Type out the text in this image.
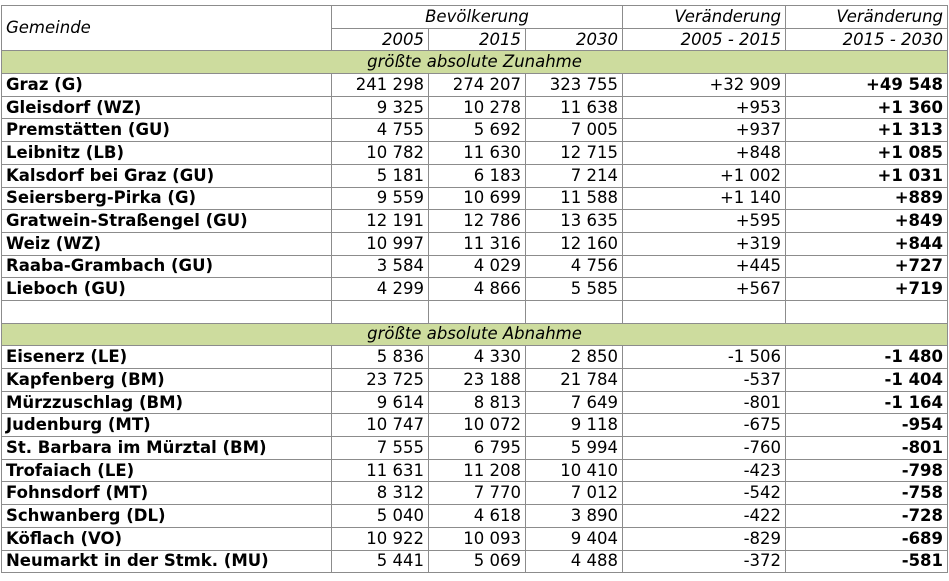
Gemeinde	Bevölkerung			Veränderung	Veränderung
	2005	2015	2030	2005 - 2015	2015 - 2030
größte absolute Zunahme					
Graz (G)	241 298	274 207	323 755	+32 909	+49 548
Gleisdorf (WZ)	9 325	10 278	11 638	+953	+1 360
Premstätten (GU)	4 755	5 692	7 005	+937	+1 313
Leibnitz (LB)	10 782	11 630	12 715	+848	+1 085
Kalsdorf bei Graz (GU)	5 181	6 183	7 214	+1 002	+1 031
Seiersberg-Pirka (G)	9 559	10 699	11 588	+1 140	+889
Gratwein-Straßengel (GU)	12 191	12 786	13 635	+595	+849
Weiz (WZ)	10 997	11 316	12 160	+319	+844
Raaba-Grambach (GU)	3 584	4 029	4 756	+445	+727
Lieboch (GU)	4 299	4 866	5 585	+567	+719

größte absolute Abnahme					
Eisenerz (LE)	5 836	4 330	2 850	-1 506	-1 480
Kapfenberg (BM)	23 725	23 188	21 784	-537	-1 404
Mürzzuschlag (BM)	9 614	8 813	7 649	-801	-1 164
Judenburg (MT)	10 747	10 072	9 118	-675	-954
St. Barbara im Mürztal (BM)	7 555	6 795	5 994	-760	-801
Trofaiach (LE)	11 631	11 208	10 410	-423	-798
Fohnsdorf (MT)	8 312	7 770	7 012	-542	-758
Schwanberg (DL)	5 040	4 618	3 890	-422	-728
Köflach (VO)	10 922	10 093	9 404	-829	-689
Neumarkt in der Stmk. (MU)	5 441	5 069	4 488	-372	-581
